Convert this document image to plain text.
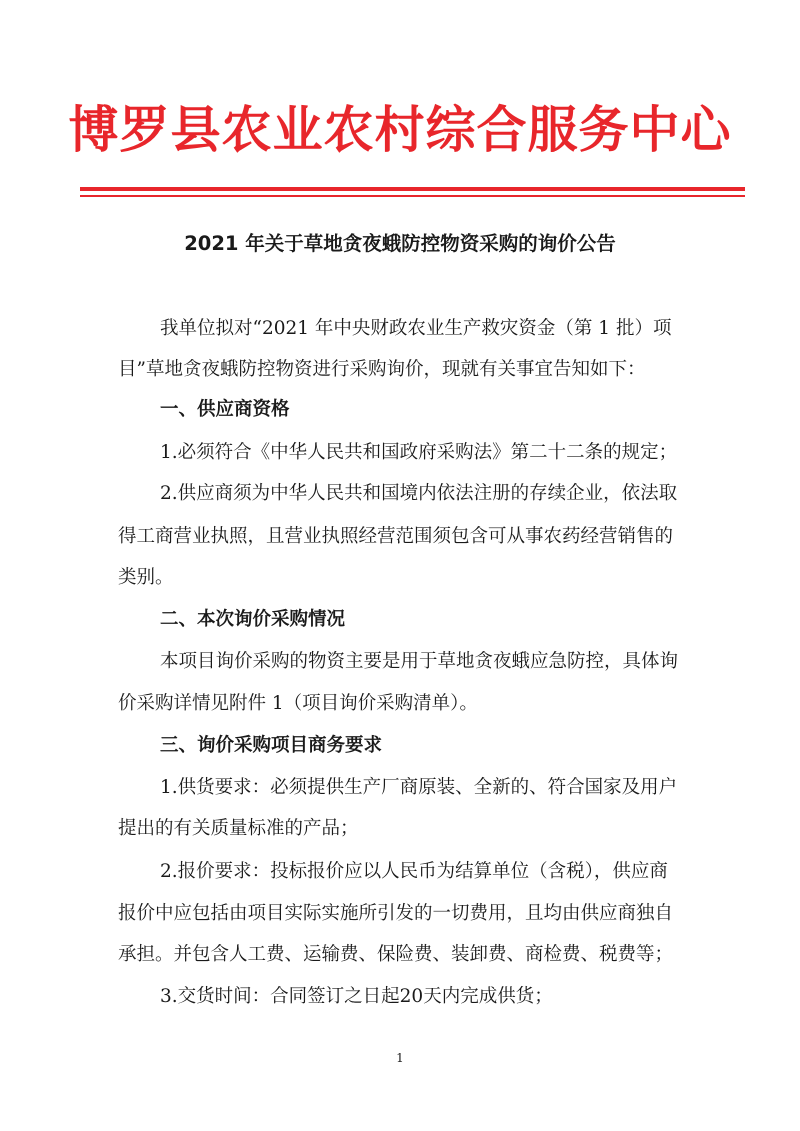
博罗县农业农村综合服务中心
2021 年关于草地贪夜蛾防控物资采购的询价公告
我单位拟对“2021 年中央财政农业生产救灾资金（第 1 批）项
目”草地贪夜蛾防控物资进行采购询价，现就有关事宜告知如下：
一、供应商资格
1.必须符合《中华人民共和国政府采购法》第二十二条的规定；
2.供应商须为中华人民共和国境内依法注册的存续企业，依法取
得工商营业执照，且营业执照经营范围须包含可从事农药经营销售的
类别。
二、本次询价采购情况
本项目询价采购的物资主要是用于草地贪夜蛾应急防控，具体询
价采购详情见附件 1（项目询价采购清单）。
三、询价采购项目商务要求
1.供货要求：必须提供生产厂商原装、全新的、符合国家及用户
提出的有关质量标准的产品；
2.报价要求：投标报价应以人民币为结算单位（含税），供应商
报价中应包括由项目实际实施所引发的一切费用，且均由供应商独自
承担。并包含人工费、运输费、保险费、装卸费、商检费、税费等；
3.交货时间：合同签订之日起20天内完成供货；
1
